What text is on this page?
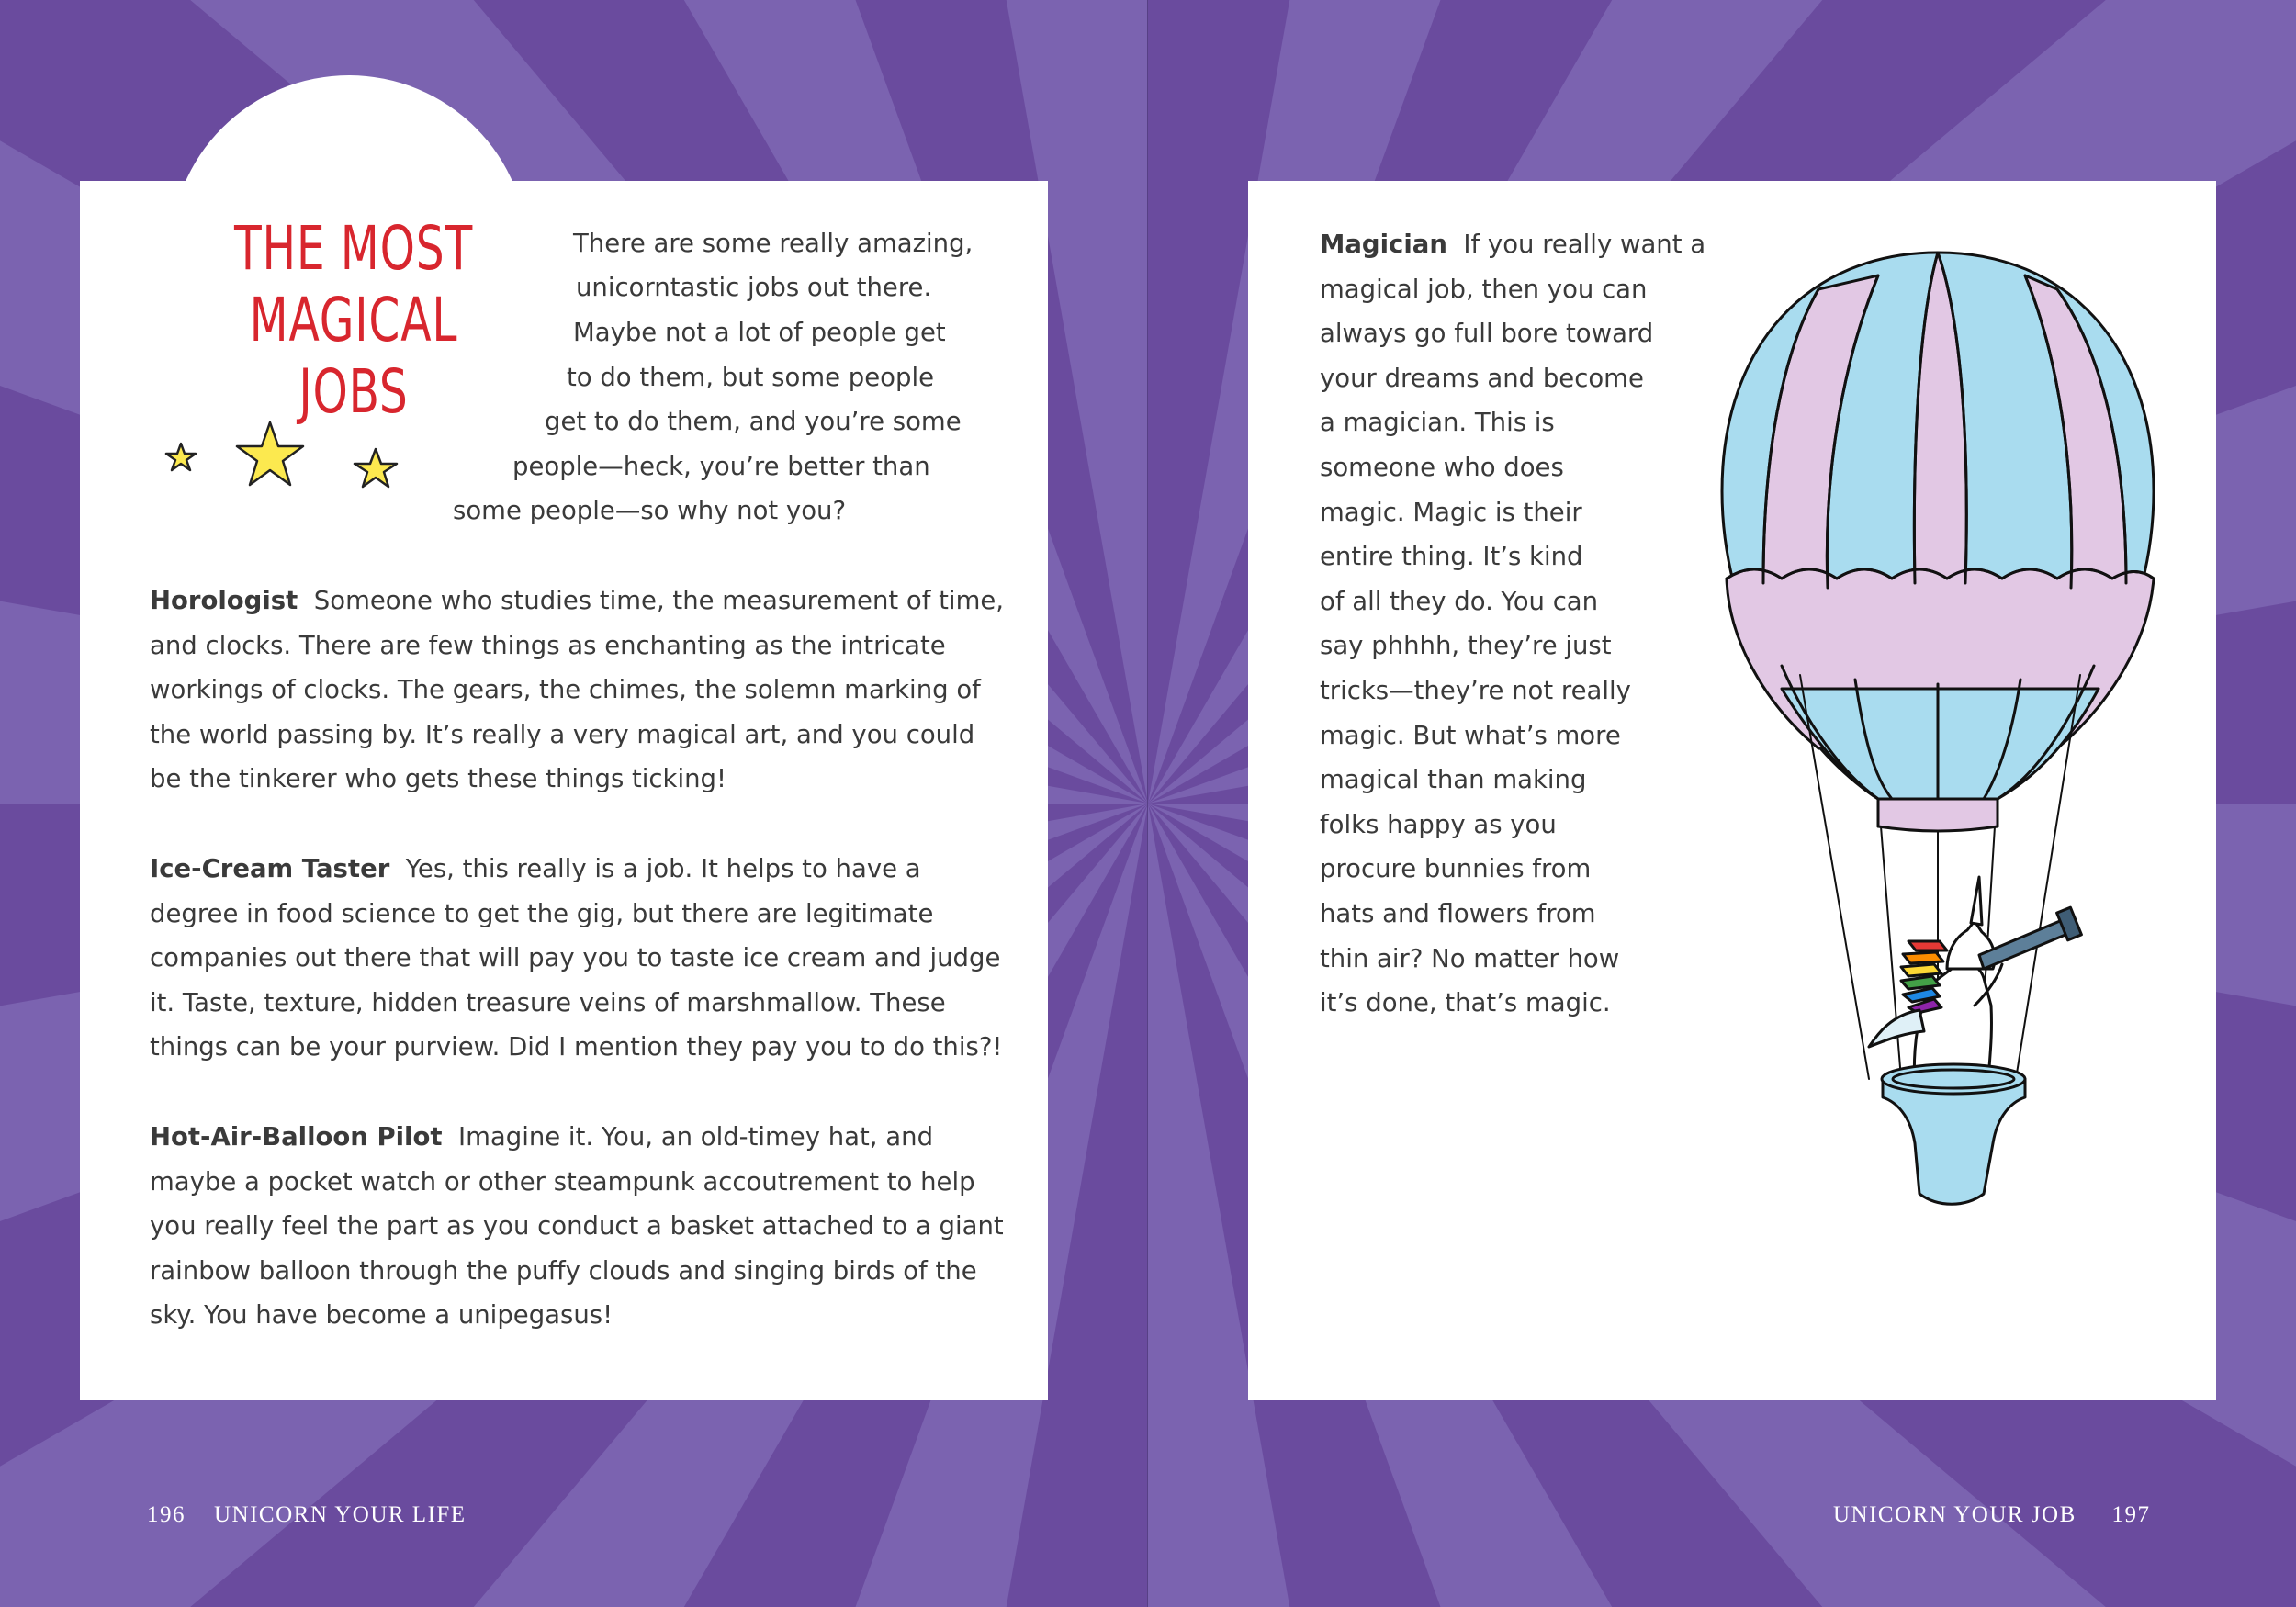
THE MOST
MAGICAL JOBS
There are some really amazing,
unicorntastic jobs out there.
Maybe not a lot of people get
to do them, but some people
get to do them, and you’re some
people—heck, you’re better than
some people—so why not you?
Horologist Someone who studies time, the measurement of time, and clocks. There are few things as enchanting as the intricate workings of clocks. The gears, the chimes, the solemn marking of the world passing by. It’s really a very magical art, and you could be the tinkerer who gets these things ticking!
Ice-Cream Taster Yes, this really is a job. It helps to have a degree in food science to get the gig, but there are legitimate companies out there that will pay you to taste ice cream and judge it. Taste, texture, hidden treasure veins of marshmallow. These things can be your purview. Did I mention they pay you to do this?!
Hot-Air-Balloon Pilot Imagine it. You, an old-timey hat, and maybe a pocket watch or other steampunk accoutrement to help you really feel the part as you conduct a basket attached to a giant rainbow balloon through the puffy clouds and singing birds of the sky. You have become a unipegasus!
196 UNICORN YOUR LIFE
Magician If you really want a
magical job, then you can
always go full bore toward
your dreams and become
a magician. This is
someone who does
magic. Magic is their
entire thing. It’s kind
of all they do. You can
say phhhh, they’re just
tricks—they’re not really
magic. But what’s more
magical than making
folks happy as you
procure bunnies from
hats and flowers from
thin air? No matter how
it’s done, that’s magic.
UNICORN YOUR JOB 197
